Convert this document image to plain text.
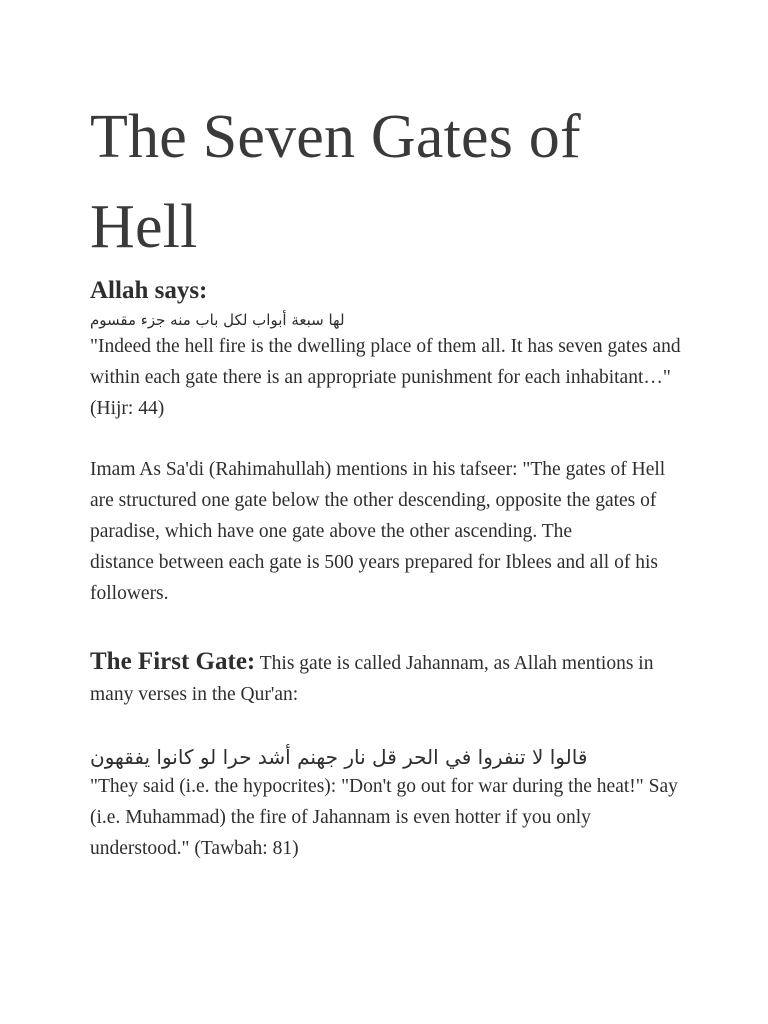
The Seven Gates of Hell
Allah says:
لها سبعة أبواب لكل باب منه جزء مقسوم

"Indeed the hell fire is the dwelling place of them all. It has seven gates and within each gate there is an appropriate punishment for each inhabitant…" (Hijr: 44)

Imam As Sa'di (Rahimahullah) mentions in his tafseer: "The gates of Hell are structured one gate below the other descending, opposite the gates of paradise, which have one gate above the other ascending. The

distance between each gate is 500 years prepared for Iblees and all of his followers.

The First Gate: This gate is called Jahannam, as Allah mentions in many verses in the Qur'an:

قالوا لا تنفروا في الحر قل نار جهنم أشد حرا لو كانوا يفقهون

"They said (i.e. the hypocrites): "Don't go out for war during the heat!" Say (i.e. Muhammad) the fire of Jahannam is even hotter if you only understood." (Tawbah: 81)
